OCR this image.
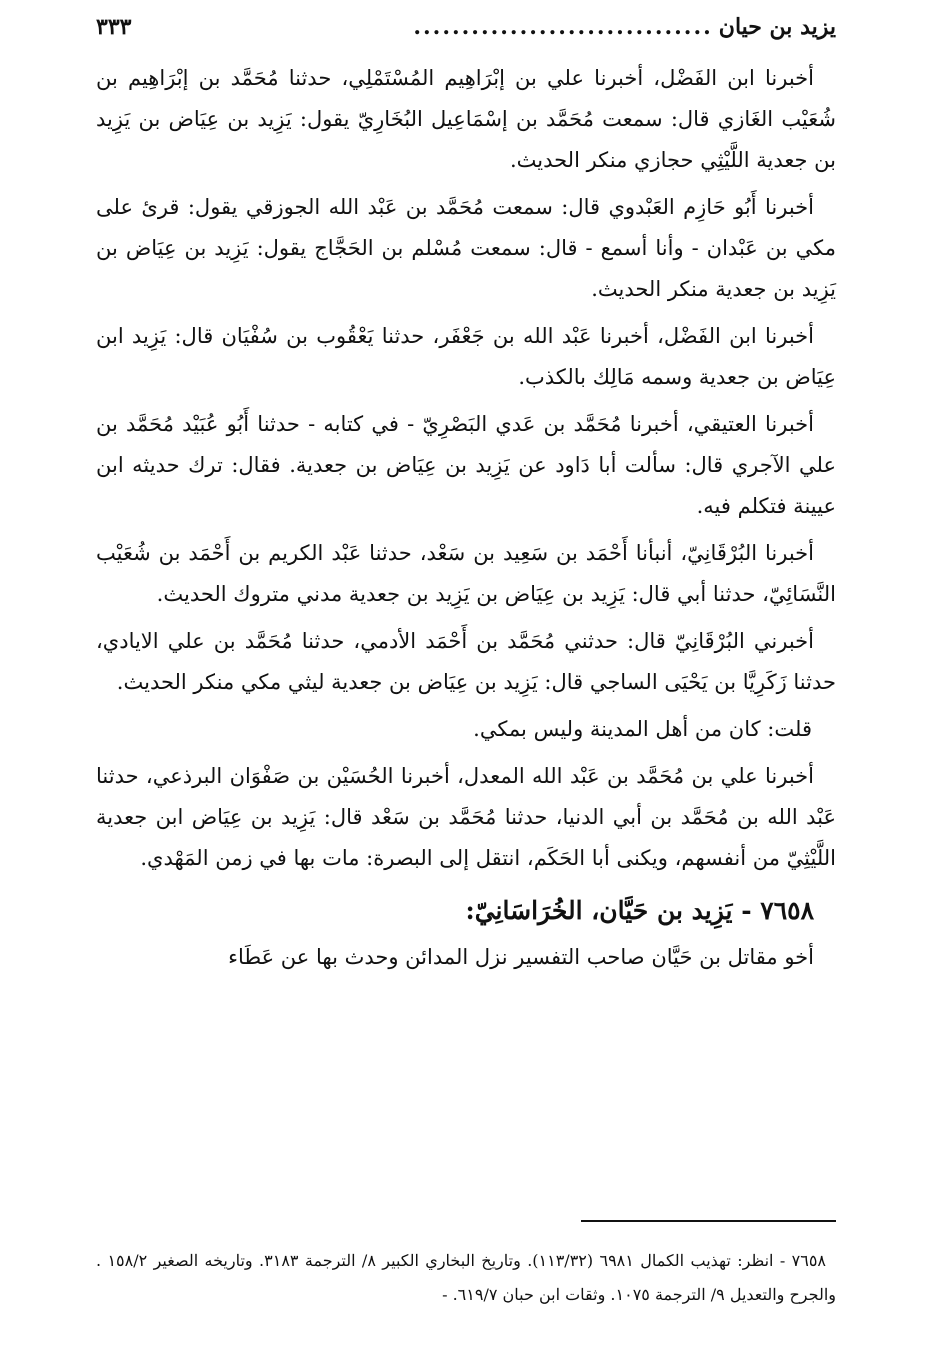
يزيد بن حيان
...............................
٣٣٣

أخبرنا ابن الفَضْل، أخبرنا علي بن إبْرَاهِيم المُسْتَمْلِي، حدثنا مُحَمَّد بن إبْرَاهِيم بن شُعَيْب الغَازي قال: سمعت مُحَمَّد بن إسْمَاعِيل البُخَارِيّ يقول: يَزِيد بن عِيَاض بن يَزِيد بن جعدية اللَّيْثِي حجازي منكر الحديث.

أخبرنا أَبُو حَازِم العَبْدوي قال: سمعت مُحَمَّد بن عَبْد الله الجوزقي يقول: قرئ على مكي بن عَبْدان - وأنا أسمع - قال: سمعت مُسْلم بن الحَجَّاج يقول: يَزِيد بن عِيَاض بن يَزِيد بن جعدية منكر الحديث.

أخبرنا ابن الفَضْل، أخبرنا عَبْد الله بن جَعْفَر، حدثنا يَعْقُوب بن سُفْيَان قال: يَزِيد ابن عِيَاض بن جعدية وسمه مَالِك بالكذب.

أخبرنا العتيقي، أخبرنا مُحَمَّد بن عَدي البَصْرِيّ - في كتابه - حدثنا أَبُو عُبَيْد مُحَمَّد بن علي الآجري قال: سألت أبا دَاود عن يَزِيد بن عِيَاض بن جعدية. فقال: ترك حديثه ابن عيينة فتكلم فيه.

أخبرنا البُرْقَانِيّ، أنبأنا أَحْمَد بن سَعِيد بن سَعْد، حدثنا عَبْد الكريم بن أَحْمَد بن شُعَيْب النَّسَائِيّ، حدثنا أبي قال: يَزِيد بن عِيَاض بن يَزِيد بن جعدية مدني متروك الحديث.

أخبرني البُرْقَانِيّ قال: حدثني مُحَمَّد بن أَحْمَد الأدمي، حدثنا مُحَمَّد بن علي الايادي، حدثنا زَكَرِيَّا بن يَحْيَى الساجي قال: يَزِيد بن عِيَاض بن جعدية ليثي مكي منكر الحديث.

قلت: كان من أهل المدينة وليس بمكي.

أخبرنا علي بن مُحَمَّد بن عَبْد الله المعدل، أخبرنا الحُسَيْن بن صَفْوَان البرذعي، حدثنا عَبْد الله بن مُحَمَّد بن أبي الدنيا، حدثنا مُحَمَّد بن سَعْد قال: يَزِيد بن عِيَاض ابن جعدية اللَّيْثِيّ من أنفسهم، ويكنى أبا الحَكَم، انتقل إلى البصرة: مات بها في زمن المَهْدي.

٧٦٥٨ - يَزِيد بن حَيَّان، الخُرَاسَانِيّ:

أخو مقاتل بن حَيَّان صاحب التفسير نزل المدائن وحدث بها عن عَطَاء

٧٦٥٨ - انظر: تهذيب الكمال ٦٩٨١ (١١٣/٣٢). وتاريخ البخاري الكبير ٨/ الترجمة ٣١٨٣. وتاريخه الصغير ١٥٨/٢ . والجرح والتعديل ٩/ الترجمة ١٠٧٥. وثقات ابن حبان ٦١٩/٧. -
